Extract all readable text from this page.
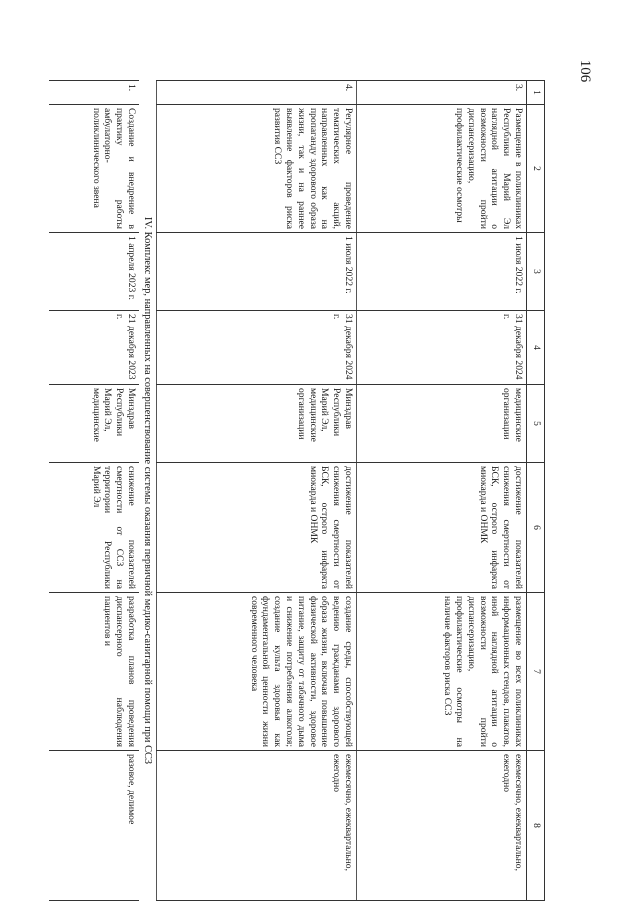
106
1	2	3	4	5	6	7	8
3.	Размещение в поликлиниках Республики Марий Эл наглядной агитации о возможности пройти диспансеризацию, профилактические осмотры	1 июля 2022 г.	31 декабря 2024 г.	медицинские организации	достижение показателей снижения смертности от БСК, острого инфаркта миокарда и ОНМК	размещение во всех поликлиниках информационных стендов, плакатов, иной наглядной агитации о возможности пройти диспансеризацию, профилактические осмотры на наличие факторов риска ССЗ	ежемесячно, ежеквартально, ежегодно
4.	Регулярное проведение тематических акций, направленных как на пропаганду здорового образа жизни, так и на раннее выявление факторов риска развития ССЗ	1 июля 2022 г.	31 декабря 2024 г.	Минздрав Республики Марий Эл, медицинские организации	достижение показателей снижения смертности от БСК, острого инфаркта миокарда и ОНМК	создание среды, способствующей ведению гражданами здорового образа жизни, включая повышение физической активности, здоровое питание, защиту от табачного дыма и снижение потребления алкоголя; создание культа здоровья как фундаментальной ценности жизни современного человека	ежемесячно, ежеквартально, ежегодно
IV. Комплекс мер, направленных на совершенствование системы оказания первичной медико-санитарной помощи при ССЗ							
1.	Создание и внедрение в практику работы амбулаторно-поликлинического звена	1 апреля 2023 г.	21 декабря 2023 г.	Минздрав Республики Марий Эл, медицинские	снижение показателей смертности от ССЗ на территории Республики Марий Эл	разработка планов проведения диспансерного наблюдения пациентов и	разовое, делимое
